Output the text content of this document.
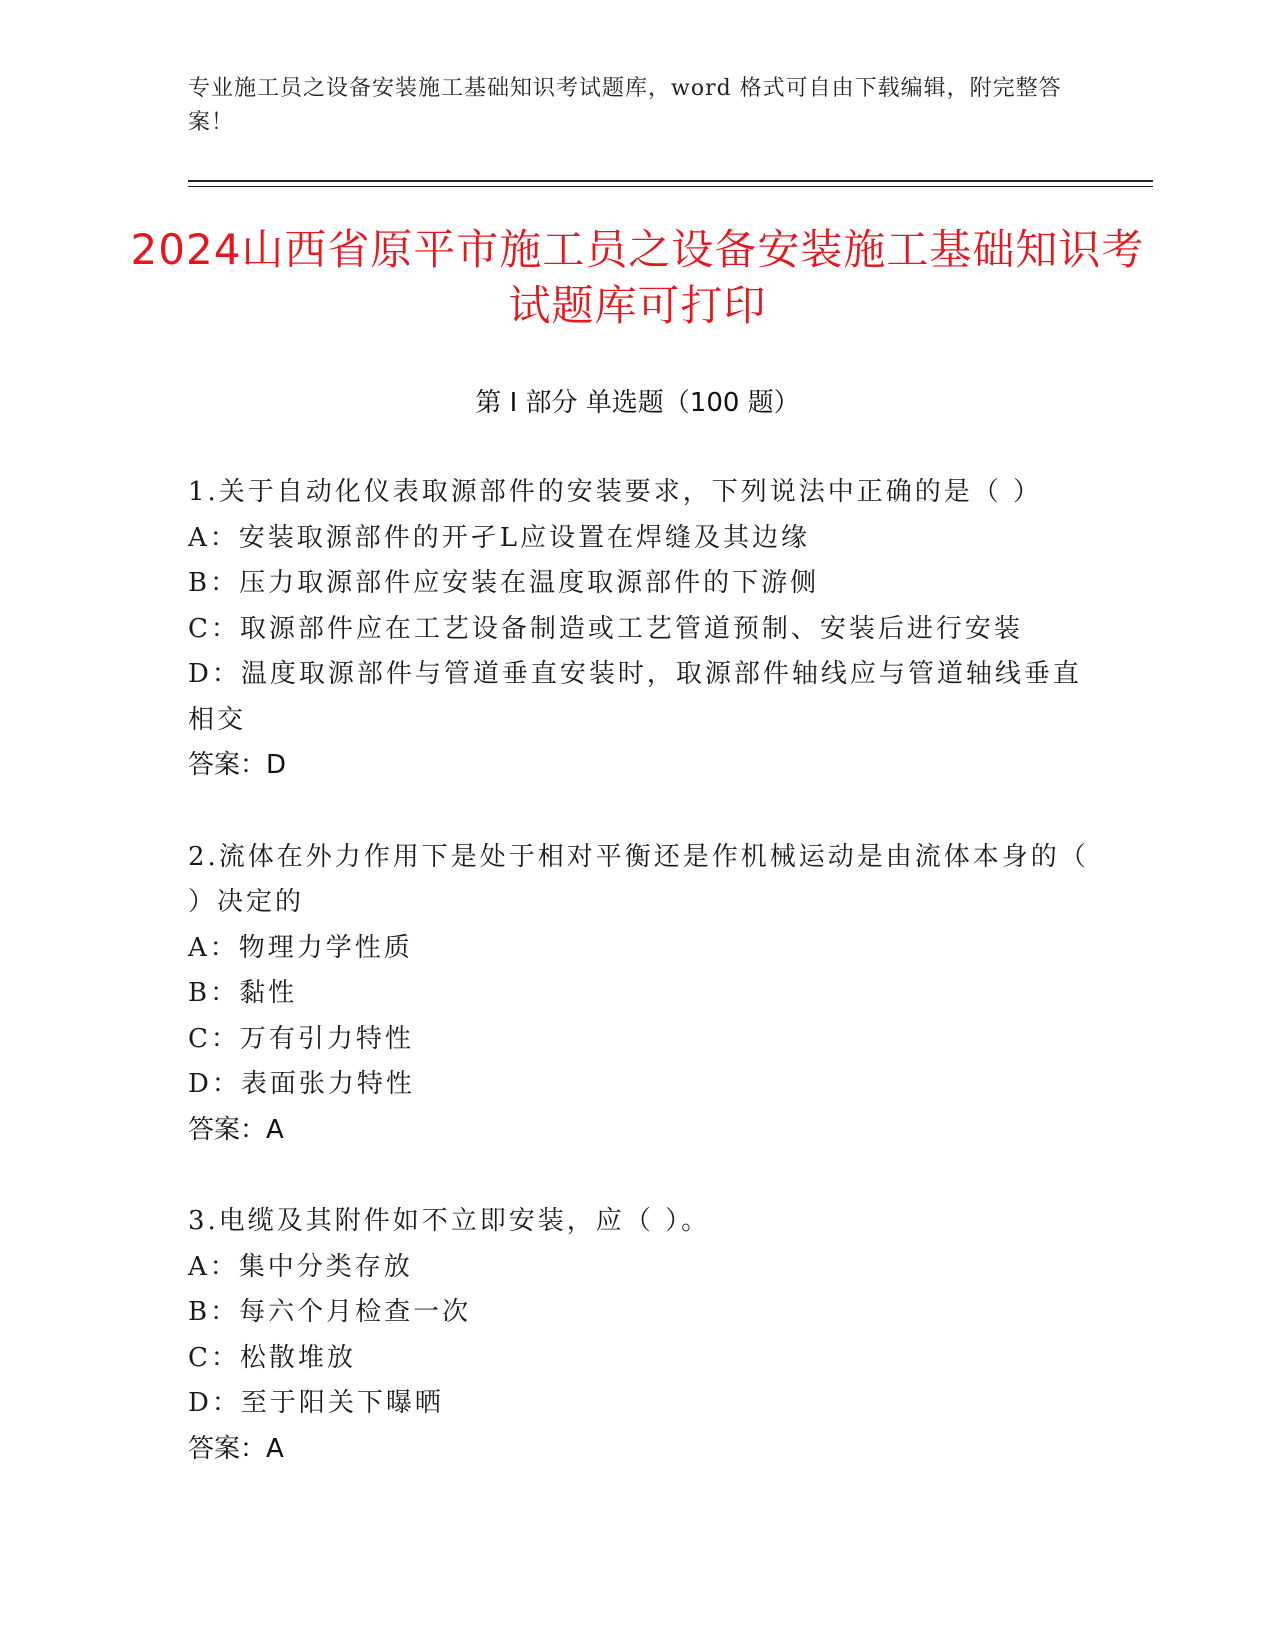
专业施工员之设备安装施工基础知识考试题库，word 格式可自由下载编辑，附完整答案！
2024山西省原平市施工员之设备安装施工基础知识考试题库可打印
第 I 部分 单选题（100 题）
1.关于自动化仪表取源部件的安装要求，下列说法中正确的是（ ）
A：安装取源部件的开孑L应设置在焊缝及其边缘
B：压力取源部件应安装在温度取源部件的下游侧
C：取源部件应在工艺设备制造或工艺管道预制、安装后进行安装
D：温度取源部件与管道垂直安装时，取源部件轴线应与管道轴线垂直相交
答案：D
2.流体在外力作用下是处于相对平衡还是作机械运动是由流体本身的（ ）决定的
A：物理力学性质
B：黏性
C：万有引力特性
D：表面张力特性
答案：A
3.电缆及其附件如不立即安装，应（ ）。
A：集中分类存放
B：每六个月检查一次
C：松散堆放
D：至于阳关下曝晒
答案：A
